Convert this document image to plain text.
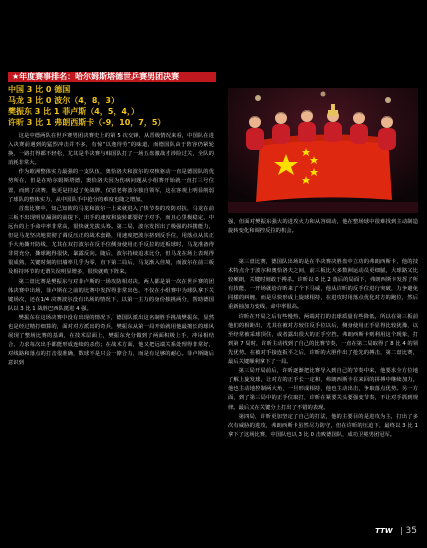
★年度赛事排名：哈尔姆斯塔德世乒赛男团决赛
中国 3 比 0 德国
马龙 3 比 0 波尔（4，8，3）
樊振东 3 比 1 菲卢斯（4，5，4，）
许昕 3 比 1 弗朗西斯卡（-9，10，7，5）

这是中德两队在世乒赛男团决赛史上的第 5 次交锋，从晋级情况来看，中国队在进入决赛前遇到的猛烈冲击并不多，有惊“以逸待劳”的味道，而德国队由于阵容仍紧轮换，一路打得都不轻松，尤其是半决赛与韩国队打了一场五盘激战才涉险过关，全队的消耗非常大。

作为欧洲整体实力最强的一支队伍，奥恰洛夫和波尔的双核驱动一直是德国队的优势所在，但是在哈尔姆斯塔德，奥恰洛夫因为伤病问题从小组赛开始就一直打三号位置，而到了决赛，他更是挂起了免战牌，仅留老将波尔独自领军，这在客观上明显削弱了球队的整体实力，从中国队手中抢分的难度也随之增加。

首盘比赛中，知己知彼的马龙和波尔一上来就进入了快节奏的攻防对抗，马龙在前三板不出现明显漏洞的前提下，出手的速度和旋转都要好于对手，而且心里极稳定，中远台的上手命中率非常高，很快就先拔头筹。第二局，波尔发挥出了极强的抖搂能力，但是马龙坚决地贯彻了调反压正的战术套路，用速度把波尔挤到反手位，用落点从其正手大角撕开防线，尤其在双打波尔在反手位侧身使用正手反拉的近板球时，马龙准备得非常充分，撕球跑得很快，暴露反向。随后，波尔持续追求比分，但马龙在场上表现得很成熟，关键时刻的旧墙率几乎为零，直下第二局后，马龙渐入佳境，而波尔在前三板及相持环节的无谓失误明显增多，很快就败下阵来。

第二盘比赛是樊振东与对菲卢斯的一场攻防相对决，两人都是第一次在世乒赛的团体决赛中出场，菲卢斯在之前的比赛中发挥得非常出色，不仅在小组赛中为球队拿下关键场次，还在1/4 决赛波尔没有出场的情况下，以第一主力的身份独挑两分，帮助德国队以 3 比 1 战胜巴西队挺进 4 强。

樊振东在这场决赛中没有出现的情况下，德国队派出这名制胜手挑战樊振东，显然也是经过精打细算的，面对对方派出的奇兵，樊振东从第一局开始就用他最擅长的球风展现了整场比赛的基调，在技术层面上，樊振东充分做到了两面积极上手，冲吊相结合，力求每次出手都能形成连续的杀伤；在战术方面，他又把远端关系处理得非常好，对线路和落点的打击很准确，数球不是只会一撩合力，而是有足够的耐心。菲卢斯随后意识到

强，但面对樊振东强大的进攻火力和从容调动，他在整场球中很难找到主动制造旋转变化和调控反拉的机会。

第三盘比赛，德国队出场的是在半决赛决胜盘中立功的弗朗西斯卡，他的技术特点介于波尔和奥恰洛夫之间，前三板比大多数洲运动员更细腻，大球路又比较硬朗，关键时刻敢于搏杀。许昕以 0 比 2 落后的局面下，弗朗西斯卡发挥了所有技能，一开场就给许昕来了个下马威，他从许昕的反手位进行突破，力争避免同樣的纠缠，而是尽快形成上旋球相持，在进攻时用落点优化对方的跑位，然后重新抽加力变线、命中率很高。

许昕在开局之后有些慢热，两端对打的击球质量有些降低，所以在第三板前他们的相距出，尤其在被对方较住反手位以后，侧身使用正手显得比较犹豫，以至经常被采球顶住，或者露出很大的正手空挡。弗朗西斯卡则利用这个现象，打到第 7 局时，许昕主动找到了自己的比赛节奏，一直在第二局取得了 8 比 4 的领先优势。在被对手接连扳平之后，许昕的大胆作出了抢先的搏击，第二盘比赛，最后关键顺利拿下了一局。

第三局开局前后，许昕逐渐把比赛导入到自己的节奏中来，他要求全方位地了解上旋发球，让对方的正手长一定和，弗朗西斯卡在来回的拼搏中继续加力，他也主动地控制两大角，一旦形成相持，他也主动出击，争取落点优势。另一方面，到了第三局中的正手位取打，许昕在紧要关头要强变节奏，不让对手抓到规律。最后又在关键分上打出了不错的表现。

第四局，许昕更加坚定了自己的打法，他的主要目的是进攻为主，打出了多次有威胁的进攻，弗朗西斯卡虽然尽力防守，但在许昕的压迫下，最终以 3 比 1 拿下了这场比赛，中国队也以 3 比 0 击败德国队，成功卫冕男团冠军。

TTW 35
